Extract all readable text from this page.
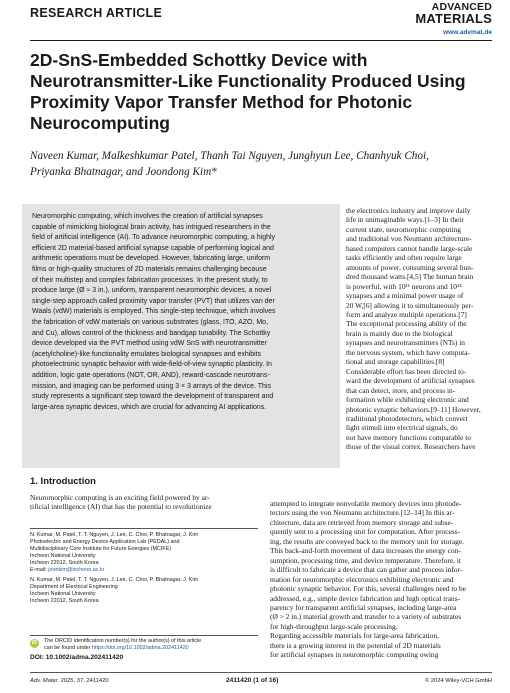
RESEARCH ARTICLE	ADVANCED
MATERIALS
www.advmat.de
2D-SnS-Embedded Schottky Device with
Neurotransmitter-Like Functionality Produced Using
Proximity Vapor Transfer Method for Photonic
Neurocomputing
Naveen Kumar, Malkeshkumar Patel, Thanh Tai Nguyen, Junghyun Lee, Chanhyuk Choi,
Priyanka Bhatnagar, and Joondong Kim*
Neuromorphic computing, which involves the creation of artificial synapses
capable of mimicking biological brain activity, has intrigued researchers in the
field of artificial intelligence (AI). To advance neuromorphic computing, a highly
efficient 2D material-based artificial synapse capable of performing logical and
arithmetic operations must be developed. However, fabricating large, uniform
films or high-quality structures of 2D materials remains challenging because
of their multistep and complex fabrication processes. In the present study, to
produce large (Ø ≈ 3 in.), uniform, transparent neuromorphic devices, a novel
single-step approach called proximity vapor transfer (PVT) that utilizes van der
Waals (vdW) materials is employed. This single-step technique, which involves
the fabrication of vdW materials on various substrates (glass, ITO, AZO, Mo,
and Cu), allows control of the thickness and bandgap tunability. The Schottky
device developed via the PVT method using vdW SnS with neurotransmitter
(acetylcholine)-like functionality emulates biological synapses and exhibits
photoelectronic synaptic behavior with wide-field-of-view synaptic plasticity. In
addition, logic gate operations (NOT, OR, AND), reward-cascade neurotrans-
mission, and imaging can be performed using 3 × 3 arrays of the device. This
study represents a significant step toward the development of transparent and
large-area synaptic devices, which are crucial for advancing AI applications.
the electronics industry and improve daily
life in unimaginable ways.[1–3] In their
current state, neuromorphic computing
and traditional von Neumann architecture-
based computers cannot handle large-scale
tasks efficiently and often require large
amounts of power, consuming several hun-
dred thousand watts.[4,5] The human brain
is powerful, with 10¹¹ neurons and 10¹⁴
synapses and a minimal power usage of
20 W,[6] allowing it to simultaneously per-
form and analyze multiple operations.[7]
The exceptional processing ability of the
brain is mainly due to the biological
synapses and neurotransmitters (NTs) in
the nervous system, which have computa-
tional and storage capabilities.[8]
Considerable effort has been directed to-
ward the development of artificial synapses
that can detect, store, and process in-
formation while exhibiting electronic and
photonic synaptic behaviors.[9–11] However,
traditional photodetectors, which convert
light stimuli into electrical signals, do
not have memory functions comparable to
those of the visual cortex. Researchers have
1. Introduction
Neuromorphic computing is an exciting field powered by ar-
tificial intelligence (AI) that has the potential to revolutionize	attempted to integrate nonvolatile memory devices into photode-
tectors using the von Neumann architecture.[12–14] In this ar-
chitecture, data are retrieved from memory storage and subse-
quently sent to a processing unit for computation. After process-
ing, the results are conveyed back to the memory unit for storage.
This back-and-forth movement of data increases the energy con-
sumption, processing time, and device temperature. Therefore, it
is difficult to fabricate a device that can gather and process infor-
mation for neuromorphic electronics exhibiting electronic and
photonic synaptic behavior. For this, several challenges need to be
addressed, e.g., simple device fabrication and high optical trans-
parency for transparent artificial synapses, including large-area
(Ø > 2 in.) material growth and transfer to a variety of substrates
for high-throughput large-scale processing.
Regarding accessible materials for large-area fabrication,
there is a growing interest in the potential of 2D materials
for artificial synapses in neuromorphic computing owing
N. Kumar, M. Patel, T. T. Nguyen, J. Lee, C. Choi, P. Bhatnagar, J. Kim
Photoelectric and Energy Device Application Lab (PEDAL) and
Multidisciplinary Core Institute for Future Energies (MCIFE)
Incheon National University
Incheon 22012, South Korea
E-mail: joonkim@incheon.ac.kr
N. Kumar, M. Patel, T. T. Nguyen, J. Lee, C. Choi, P. Bhatnagar, J. Kim
Department of Electrical Engineering
Incheon National University
Incheon 22012, South Korea
iD	The ORCID identification number(s) for the author(s) of this article
can be found under https://doi.org/10.1002/adma.202411420
DOI: 10.1002/adma.202411420
Adv. Mater. 2025, 37, 2411420	2411420 (1 of 16)	© 2024 Wiley-VCH GmbH
